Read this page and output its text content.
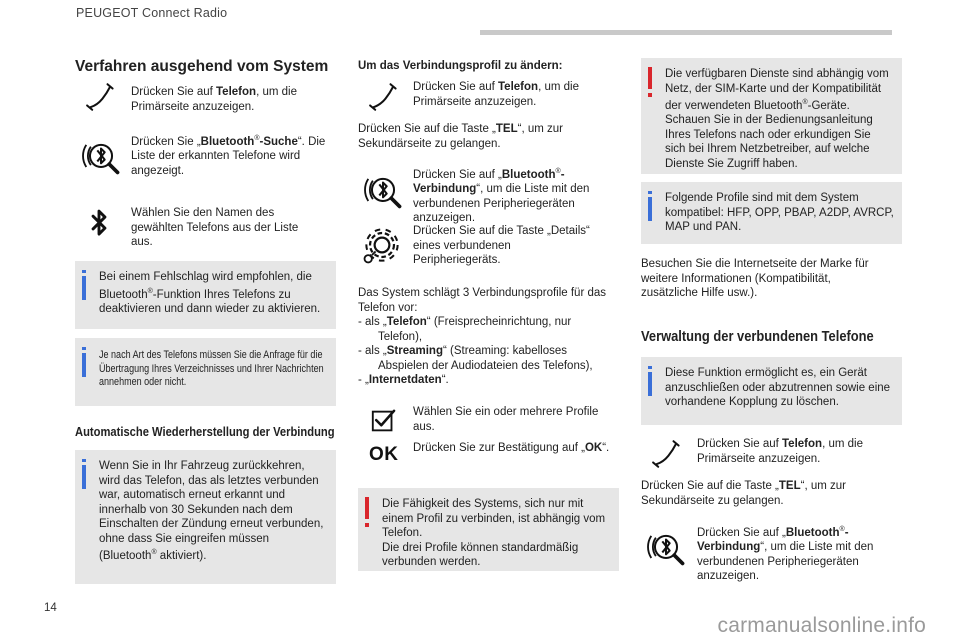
PEUGEOT Connect Radio
14
carmanualsonline.info
Verfahren ausgehend vom System
Drücken Sie auf Telefon, um die Primärseite anzuzeigen.
Drücken Sie „Bluetooth®-Suche“. Die Liste der erkannten Telefone wird angezeigt.
Wählen Sie den Namen des gewählten Telefons aus der Liste aus.
Bei einem Fehlschlag wird empfohlen, die Bluetooth®-Funktion Ihres Telefons zu deaktivieren und dann wieder zu aktivieren.
Je nach Art des Telefons müssen Sie die Anfrage für die Übertragung Ihres Verzeichnisses und Ihrer Nachrichten annehmen oder nicht.
Automatische Wiederherstellung der Verbindung
Wenn Sie in Ihr Fahrzeug zurückkehren, wird das Telefon, das als letztes verbunden war, automatisch erneut erkannt und innerhalb von 30 Sekunden nach dem Einschalten der Zündung erneut verbunden, ohne dass Sie eingreifen müssen (Bluetooth® aktiviert).
Um das Verbindungsprofil zu ändern:
Drücken Sie auf Telefon, um die Primärseite anzuzeigen.
Drücken Sie auf die Taste „TEL“, um zur Sekundärseite zu gelangen.
Drücken Sie auf „Bluetooth®-Verbindung“, um die Liste mit den verbundenen Peripheriegeräten anzuzeigen.
Drücken Sie auf die Taste „Details“ eines verbundenen Peripheriegeräts.
Das System schlägt 3 Verbindungsprofile für das Telefon vor:
- als „Telefon“ (Freisprecheinrichtung, nur
Telefon),
- als „Streaming“ (Streaming: kabelloses
Abspielen der Audiodateien des Telefons),
- „Internetdaten“.
Wählen Sie ein oder mehrere Profile aus.
OK Drücken Sie zur Bestätigung auf „OK“.
Die Fähigkeit des Systems, sich nur mit einem Profil zu verbinden, ist abhängig vom Telefon.
Die drei Profile können standardmäßig verbunden werden.
Die verfügbaren Dienste sind abhängig vom Netz, der SIM-Karte und der Kompatibilität der verwendeten Bluetooth®-Geräte. Schauen Sie in der Bedienungsanleitung Ihres Telefons nach oder erkundigen Sie sich bei Ihrem Netzbetreiber, auf welche Dienste Sie Zugriff haben.
Folgende Profile sind mit dem System kompatibel: HFP, OPP, PBAP, A2DP, AVRCP, MAP und PAN.
Besuchen Sie die Internetseite der Marke für weitere Informationen (Kompatibilität, zusätzliche Hilfe usw.).
Verwaltung der verbundenen Telefone
Diese Funktion ermöglicht es, ein Gerät anzuschließen oder abzutrennen sowie eine vorhandene Kopplung zu löschen.
Drücken Sie auf Telefon, um die Primärseite anzuzeigen.
Drücken Sie auf die Taste „TEL“, um zur Sekundärseite zu gelangen.
Drücken Sie auf „Bluetooth®-Verbindung“, um die Liste mit den verbundenen Peripheriegeräten anzuzeigen.
